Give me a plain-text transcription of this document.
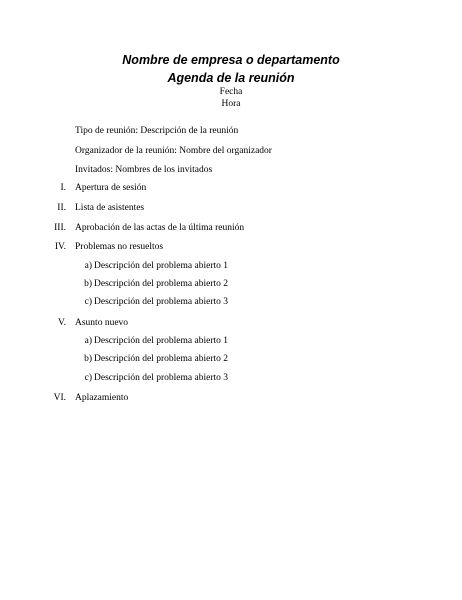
Nombre de empresa o departamento
Agenda de la reunión
Fecha
Hora
Tipo de reunión: Descripción de la reunión
Organizador de la reunión: Nombre del organizador
Invitados: Nombres de los invitados
I. Apertura de sesión
II. Lista de asistentes
III. Aprobación de las actas de la última reunión
IV. Problemas no resueltos
a) Descripción del problema abierto 1
b) Descripción del problema abierto 2
c) Descripción del problema abierto 3
V. Asunto nuevo
a) Descripción del problema abierto 1
b) Descripción del problema abierto 2
c) Descripción del problema abierto 3
VI. Aplazamiento
